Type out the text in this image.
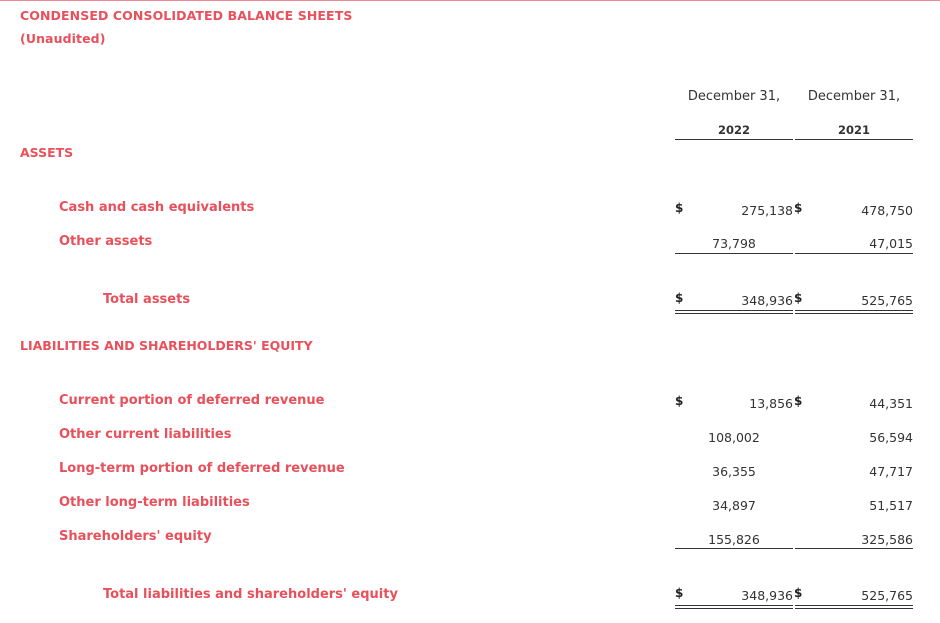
CONDENSED CONSOLIDATED BALANCE SHEETS
(Unaudited)
December 31,	December 31,
2022	2021
ASSETS
Cash and cash equivalents	$	275,138 $	478,750
Other assets	73,798	47,015
Total assets	$	348,936 $	525,765
LIABILITIES AND SHAREHOLDERS' EQUITY
Current portion of deferred revenue	$	13,856 $	44,351
Other current liabilities	108,002	56,594
Long-term portion of deferred revenue	36,355	47,717
Other long-term liabilities	34,897	51,517
Shareholders' equity	155,826	325,586
Total liabilities and shareholders' equity	$	348,936 $	525,765
